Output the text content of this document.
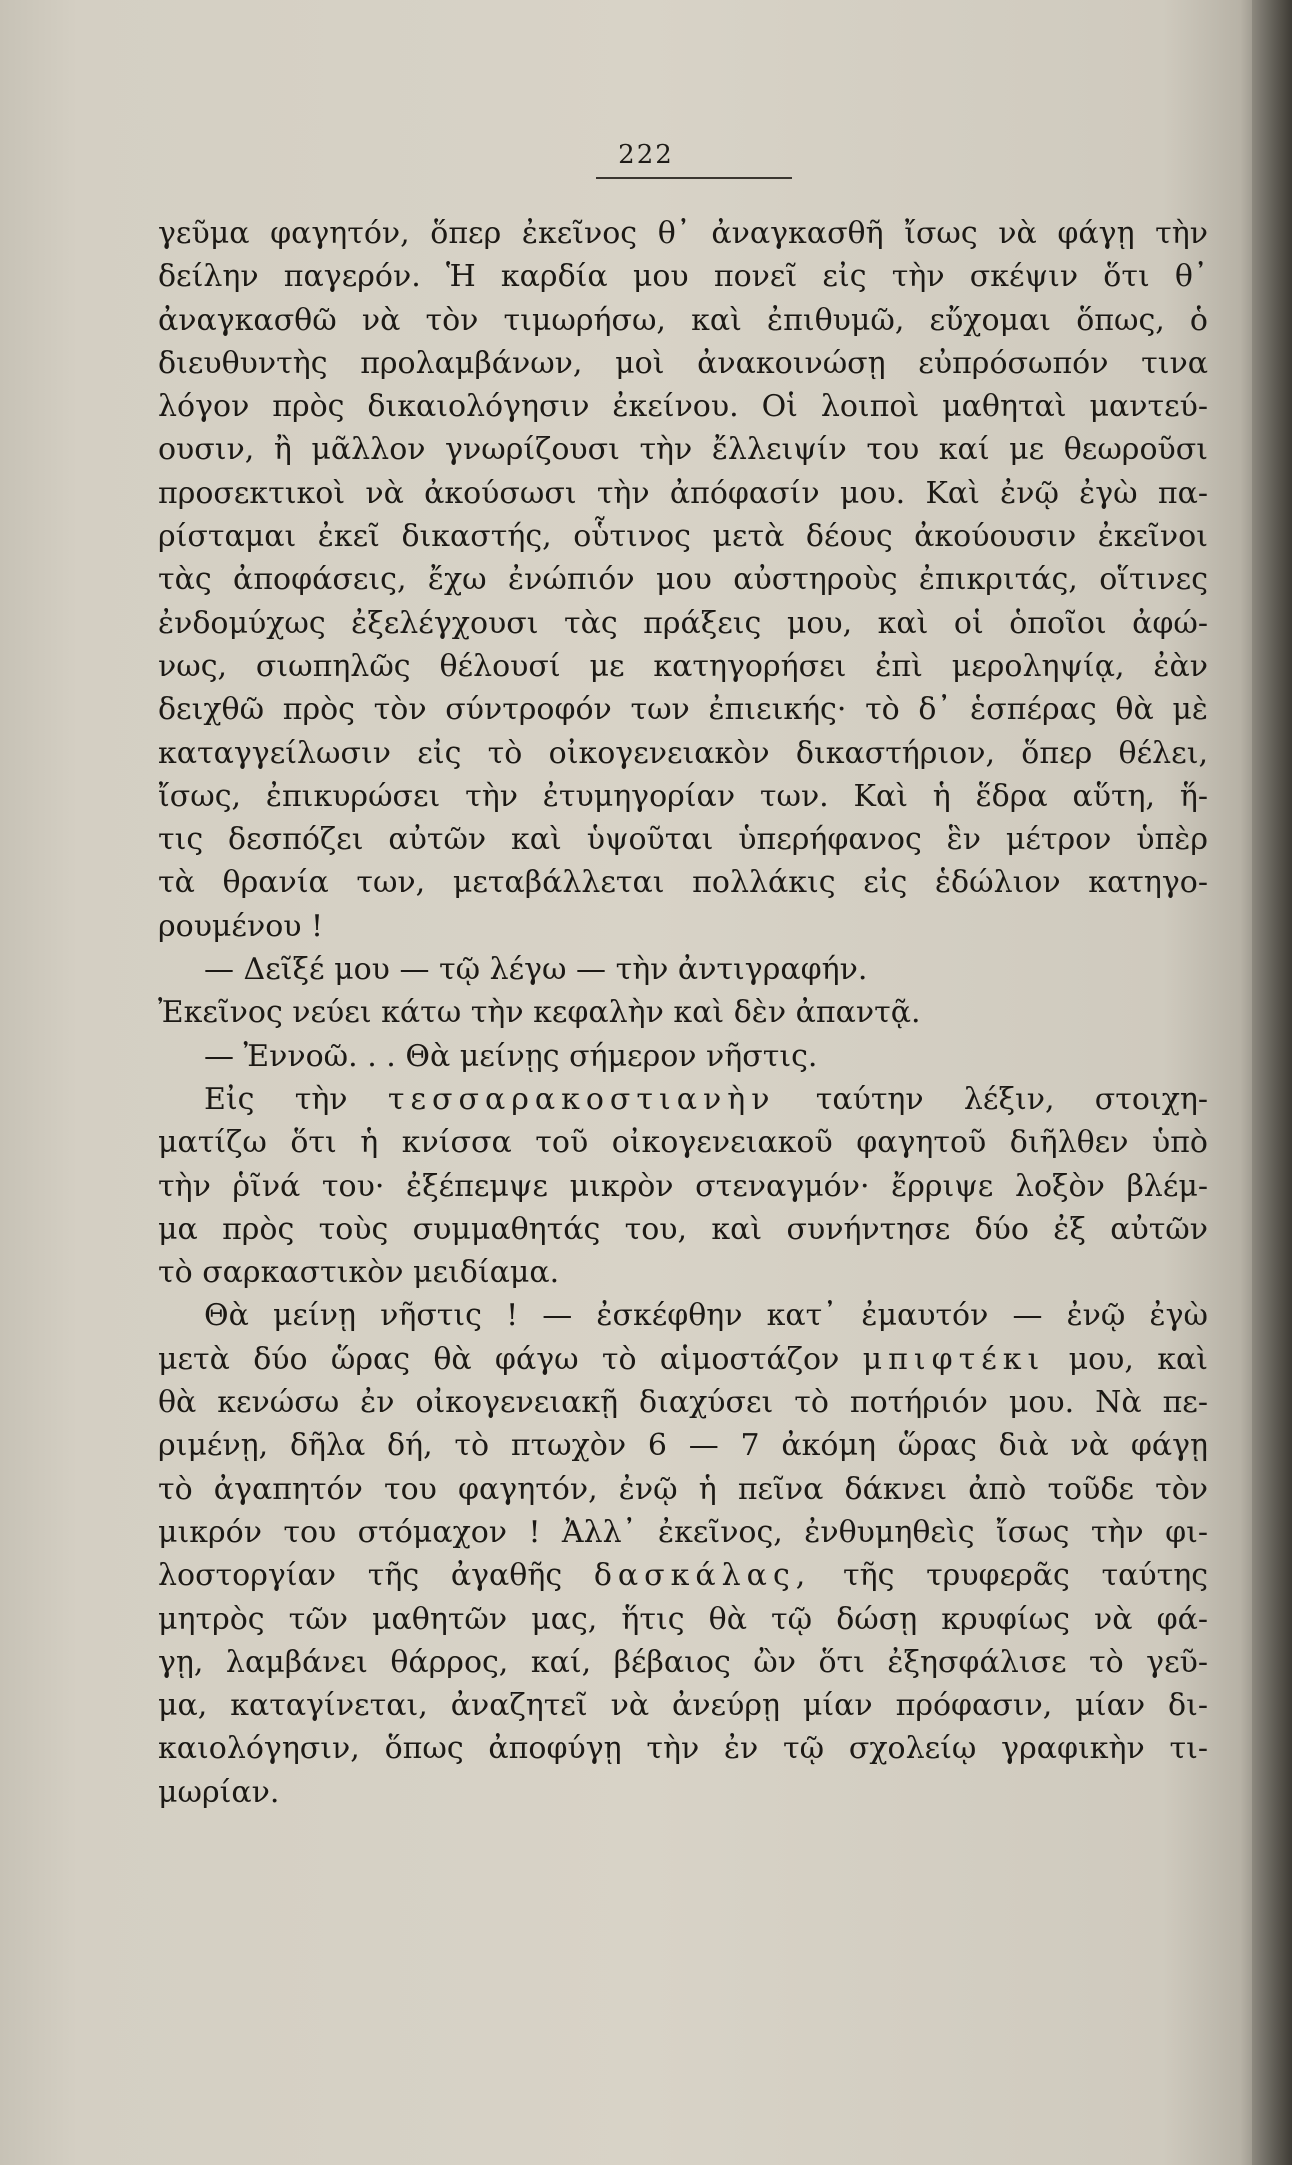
222
γεῦμα φαγητόν, ὅπερ ἐκεῖνος θ᾽ ἀναγκασθῆ ἴσως νὰ φάγῃ τὴν
δείλην παγερόν. Ἡ καρδία μου πονεῖ εἰς τὴν σκέψιν ὅτι θ᾽
ἀναγκασθῶ νὰ τὸν τιμωρήσω, καὶ ἐπιθυμῶ, εὔχομαι ὅπως, ὁ
διευθυντὴς προλαμβάνων, μοὶ ἀνακοινώσῃ εὐπρόσωπόν τινα
λόγον πρὸς δικαιολόγησιν ἐκείνου. Οἱ λοιποὶ μαθηταὶ μαντεύ-
ουσιν, ἢ μᾶλλον γνωρίζουσι τὴν ἔλλειψίν του καί με θεωροῦσι
προσεκτικοὶ νὰ ἀκούσωσι τὴν ἀπόφασίν μου. Καὶ ἐνῷ ἐγὼ πα-
ρίσταμαι ἐκεῖ δικαστής, οὗτινος μετὰ δέους ἀκούουσιν ἐκεῖνοι
τὰς ἀποφάσεις, ἔχω ἐνώπιόν μου αὐστηροὺς ἐπικριτάς, οἵτινες
ἐνδομύχως ἐξελέγχουσι τὰς πράξεις μου, καὶ οἱ ὁποῖοι ἀφώ-
νως, σιωπηλῶς θέλουσί με κατηγορήσει ἐπὶ μεροληψίᾳ, ἐὰν
δειχθῶ πρὸς τὸν σύντροφόν των ἐπιεικής· τὸ δ᾽ ἑσπέρας θὰ μὲ
καταγγείλωσιν εἰς τὸ οἰκογενειακὸν δικαστήριον, ὅπερ θέλει,
ἴσως, ἐπικυρώσει τὴν ἐτυμηγορίαν των. Καὶ ἡ ἕδρα αὕτη, ἥ-
τις δεσπόζει αὐτῶν καὶ ὑψοῦται ὑπερήφανος ἓν μέτρον ὑπὲρ
τὰ θρανία των, μεταβάλλεται πολλάκις εἰς ἑδώλιον κατηγο-
ρουμένου !
— Δεῖξέ μου — τῷ λέγω — τὴν ἀντιγραφήν.
Ἐκεῖνος νεύει κάτω τὴν κεφαλὴν καὶ δὲν ἀπαντᾷ.
— Ἐννοῶ. . . Θὰ μείνῃς σήμερον νῆστις.
Εἰς τὴν τεσσαρακοστιανὴν ταύτην λέξιν, στοιχη-
ματίζω ὅτι ἡ κνίσσα τοῦ οἰκογενειακοῦ φαγητοῦ διῆλθεν ὑπὸ
τὴν ῥῖνά του· ἐξέπεμψε μικρὸν στεναγμόν· ἔρριψε λοξὸν βλέμ-
μα πρὸς τοὺς συμμαθητάς του, καὶ συνήντησε δύο ἐξ αὐτῶν
τὸ σαρκαστικὸν μειδίαμα.
Θὰ μείνῃ νῆστις ! — ἐσκέφθην κατ᾽ ἐμαυτόν — ἐνῷ ἐγὼ
μετὰ δύο ὥρας θὰ φάγω τὸ αἱμοστάζον μπιφτέκι μου, καὶ
θὰ κενώσω ἐν οἰκογενειακῇ διαχύσει τὸ ποτήριόν μου. Νὰ πε-
ριμένῃ, δῆλα δή, τὸ πτωχὸν 6 — 7 ἀκόμη ὥρας διὰ νὰ φάγῃ
τὸ ἀγαπητόν του φαγητόν, ἐνῷ ἡ πεῖνα δάκνει ἀπὸ τοῦδε τὸν
μικρόν του στόμαχον ! Ἀλλ᾽ ἐκεῖνος, ἐνθυμηθεὶς ἴσως τὴν φι-
λοστοργίαν τῆς ἀγαθῆς δασκάλας, τῆς τρυφερᾶς ταύτης
μητρὸς τῶν μαθητῶν μας, ἥτις θὰ τῷ δώσῃ κρυφίως νὰ φά-
γῃ, λαμβάνει θάρρος, καί, βέβαιος ὢν ὅτι ἐξησφάλισε τὸ γεῦ-
μα, καταγίνεται, ἀναζητεῖ νὰ ἀνεύρῃ μίαν πρόφασιν, μίαν δι-
καιολόγησιν, ὅπως ἀποφύγῃ τὴν ἐν τῷ σχολείῳ γραφικὴν τι-
μωρίαν.
